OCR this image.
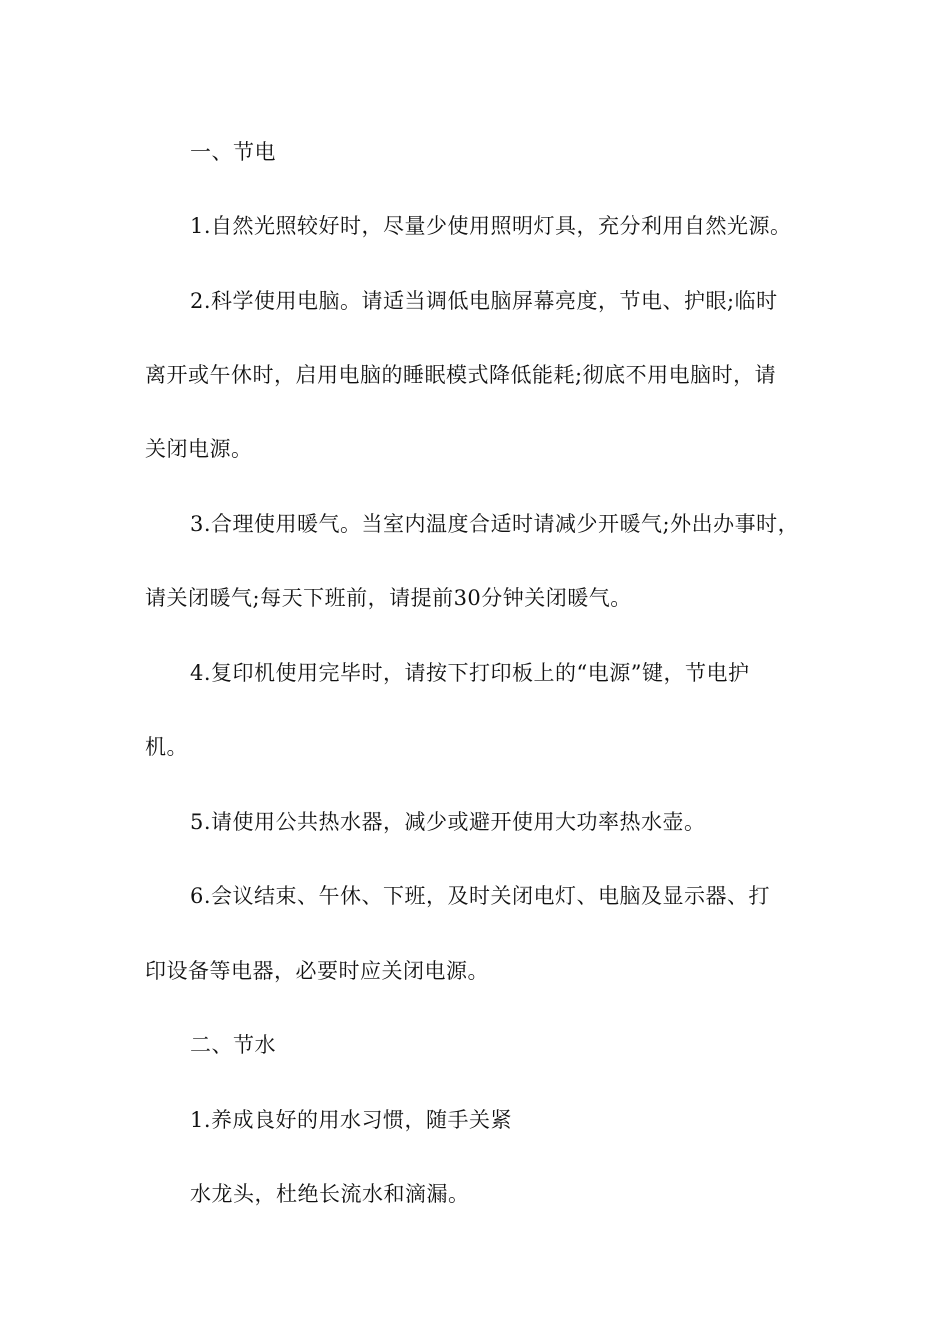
一、节电
1.自然光照较好时，尽量少使用照明灯具，充分利用自然光源。
2.科学使用电脑。请适当调低电脑屏幕亮度，节电、护眼;临时
离开或午休时，启用电脑的睡眠模式降低能耗;彻底不用电脑时，请
关闭电源。
3.合理使用暖气。当室内温度合适时请减少开暖气;外出办事时，
请关闭暖气;每天下班前，请提前30分钟关闭暖气。
4.复印机使用完毕时，请按下打印板上的“电源”键，节电护
机。
5.请使用公共热水器，减少或避开使用大功率热水壶。
6.会议结束、午休、下班，及时关闭电灯、电脑及显示器、打
印设备等电器，必要时应关闭电源。
二、节水
1.养成良好的用水习惯，随手关紧
水龙头，杜绝长流水和滴漏。
